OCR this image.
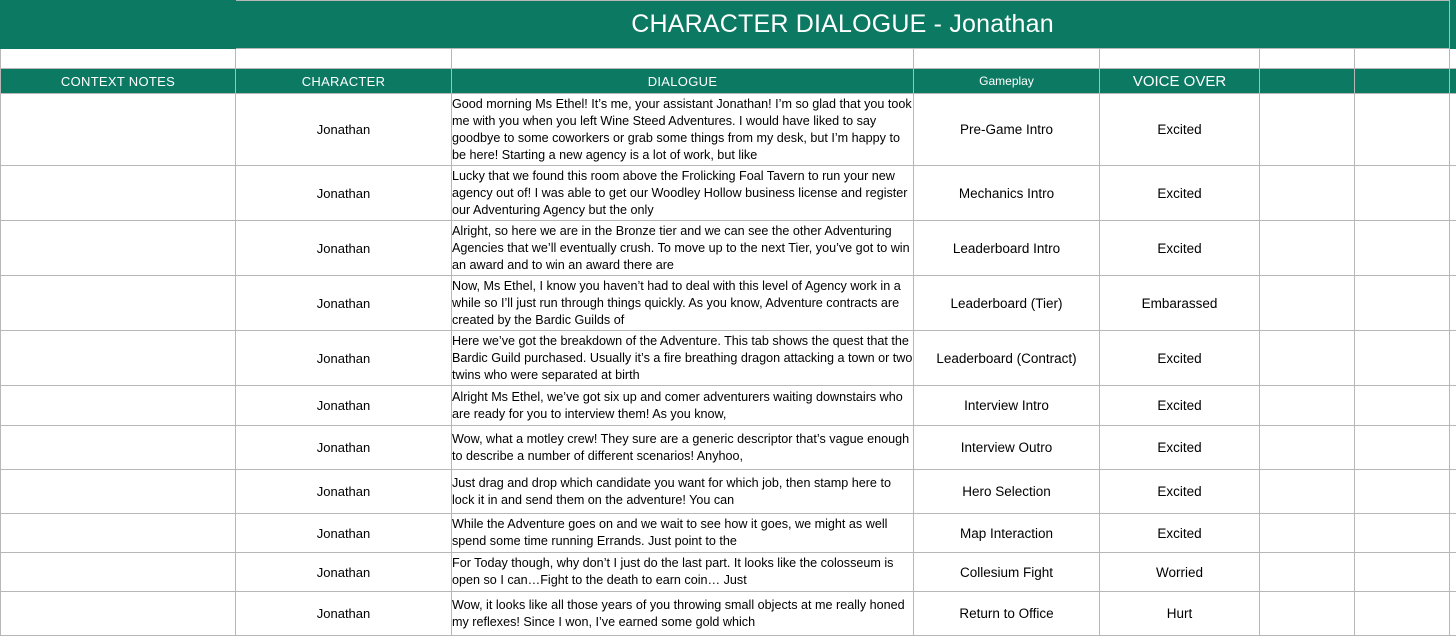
	CHARACTER DIALOGUE - Jonathan						

CONTEXT NOTES	CHARACTER	DIALOGUE	Gameplay	VOICE OVER			
	Jonathan	Good morning Ms Ethel! It’s me, your assistant Jonathan! I’m so glad that you took me with you when you left Wine Steed Adventures. I would have liked to say goodbye to some coworkers or grab some things from my desk, but I’m happy to be here! Starting a new agency is a lot of work, but like	Pre-Game Intro	Excited			
	Jonathan	Lucky that we found this room above the Frolicking Foal Tavern to run your new agency out of! I was able to get our Woodley Hollow business license and register our Adventuring Agency but the only	Mechanics Intro	Excited			
	Jonathan	Alright, so here we are in the Bronze tier and we can see the other Adventuring Agencies that we’ll eventually crush. To move up to the next Tier, you’ve got to win an award and to win an award there are	Leaderboard Intro	Excited			
	Jonathan	Now, Ms Ethel, I know you haven’t had to deal with this level of Agency work in a while so I’ll just run through things quickly. As you know, Adventure contracts are created by the Bardic Guilds of	Leaderboard (Tier)	Embarassed			
	Jonathan	Here we’ve got the breakdown of the Adventure. This tab shows the quest that the Bardic Guild purchased. Usually it’s a fire breathing dragon attacking a town or two twins who were separated at birth	Leaderboard (Contract)	Excited			
	Jonathan	Alright Ms Ethel, we’ve got six up and comer adventurers waiting downstairs who are ready for you to interview them! As you know,	Interview Intro	Excited			
	Jonathan	Wow, what a motley crew! They sure are a generic descriptor that’s vague enough to describe a number of different scenarios! Anyhoo,	Interview Outro	Excited			
	Jonathan	Just drag and drop which candidate you want for which job, then stamp here to lock it in and send them on the adventure! You can	Hero Selection	Excited			
	Jonathan	While the Adventure goes on and we wait to see how it goes, we might as well spend some time running Errands. Just point to the	Map Interaction	Excited			
	Jonathan	For Today though, why don’t I just do the last part. It looks like the colosseum is open so I can…Fight to the death to earn coin… Just	Collesium Fight	Worried			
	Jonathan	Wow, it looks like all those years of you throwing small objects at me really honed my reflexes! Since I won, I’ve earned some gold which	Return to Office	Hurt			
